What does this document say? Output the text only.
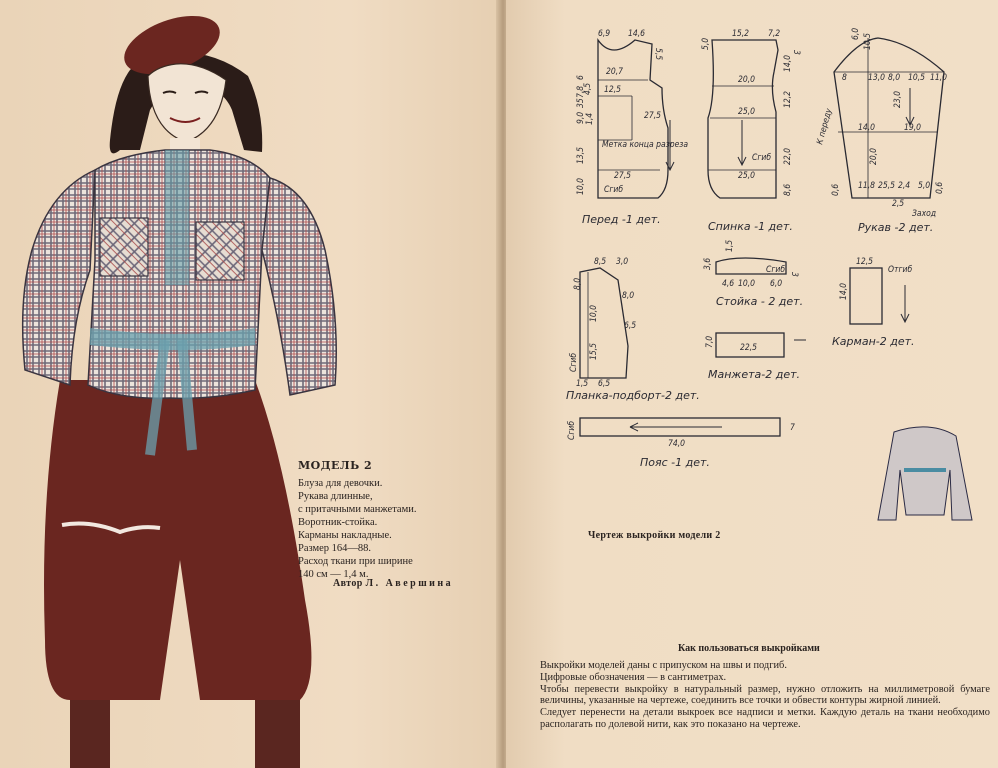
МОДЕЛЬ 2
Блуза для девочки.
Рукава длинные,
с притачными манжетами.
Воротник-стойка.
Карманы накладные.
Размер 164—88.
Расход ткани при ширине
140 см — 1,4 м.
Автор Л. Авершина
Перед -1 дет.
Спинка -1 дет.	Рукав -2 дет.
Планка-подборт-2 дет.
Стойка - 2 дет.
Карман-2 дет.
Манжета-2 дет.
Пояс -1 дет.
Метка конца разреза
Сгиб
Сгиб
К переду
Заход
Сгиб
Сгиб	Отгиб
Сгиб
6,9 14,6
5,5
20,7
12,5
4,5
27,5
27,5
1,4
9,0
7,8
6
13,5
10,0
35
15,2 7,2
5,0
3
20,0
14,0
25,0
12,2
25,0
22,0
8,6
6,0 10,5
8 13,0 8,0 10,5 11,0
23,0
14,0	19,0
20,0
11,8 25,5 2,4 5,0
0,6	0,6
2,5
8,5 3,0
8,0
8,0
10,0
6,5
15,5
1,5 6,5
1,5
3,6
4,6 10,0 6,0
3
12,5
14,0
7,0	22,5
74,0
7
Чертеж выкройки модели 2
Как пользоваться выкройками

Выкройки моделей даны с припуском на швы и подгиб.

Цифровые обозначения — в сантиметрах.

Чтобы перевести выкройку в натуральный размер, нужно отложить на миллиметровой бумаге величины, указанные на чертеже, соединить все точки и обвести контуры жирной линией.

Следует перенести на детали выкроек все надписи и метки. Каждую деталь на ткани необходимо располагать по долевой нити, как это показано на чертеже.
